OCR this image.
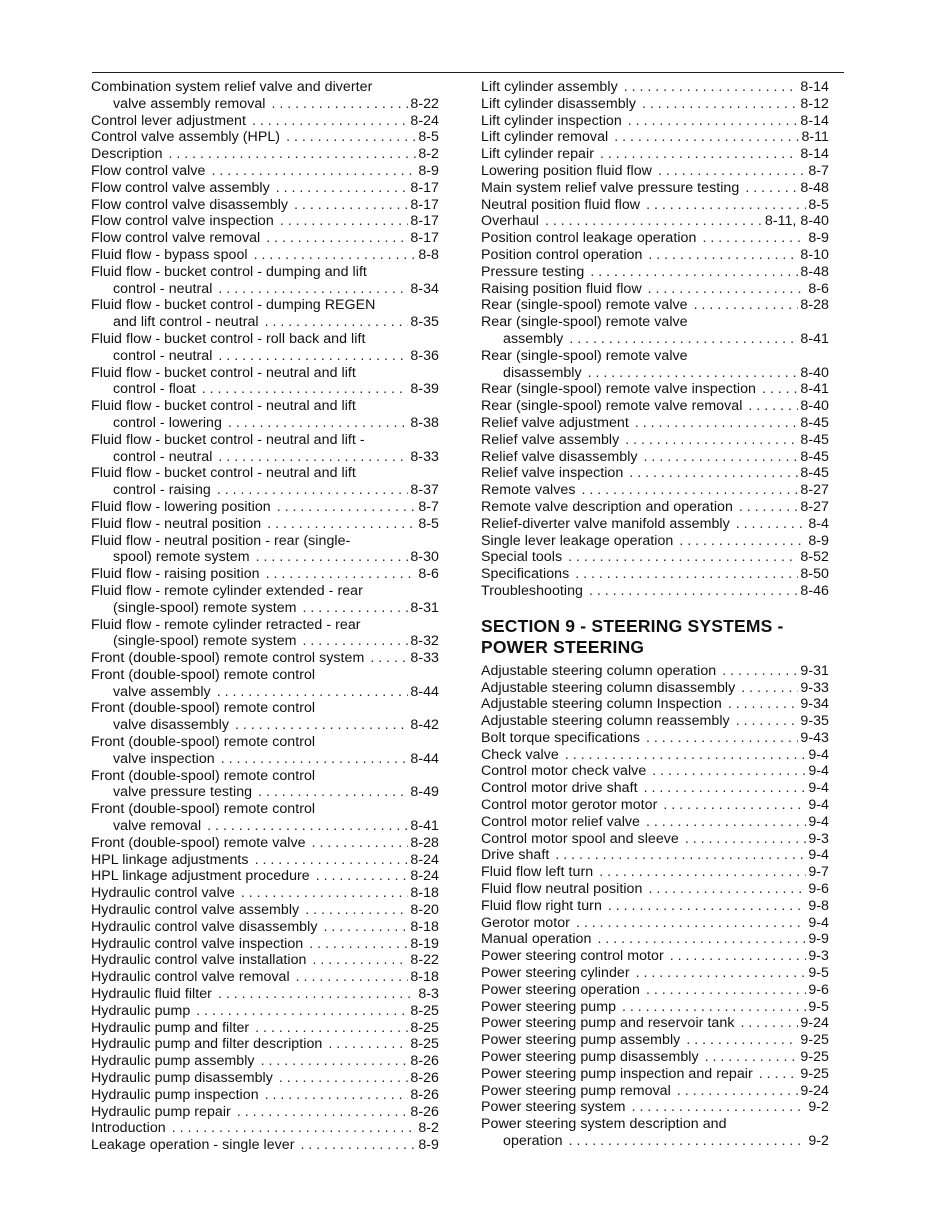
Combination system relief valve and diverter
valve assembly removal . . .	8-22
Control lever adjustment . . .	8-24
Control valve assembly (HPL) . . .	8-5
Description . . .	8-2
Flow control valve . . .	8-9
Flow control valve assembly . . .	8-17
Flow control valve disassembly . . .	8-17
Flow control valve inspection . . .	8-17
Flow control valve removal . . .	8-17
Fluid flow - bypass spool . . .	8-8
Fluid flow - bucket control - dumping and lift
control - neutral . . .	8-34
Fluid flow - bucket control - dumping REGEN
and lift control - neutral . . .	8-35
Fluid flow - bucket control - roll back and lift
control - neutral . . .	8-36
Fluid flow - bucket control - neutral and lift
control - float . . .	8-39
Fluid flow - bucket control - neutral and lift
control - lowering . . .	8-38
Fluid flow - bucket control - neutral and lift -
control - neutral . . .	8-33
Fluid flow - bucket control - neutral and lift
control - raising . . .	8-37
Fluid flow - lowering position . . .	8-7
Fluid flow - neutral position . . .	8-5
Fluid flow - neutral position - rear (single-
spool) remote system . . .	8-30
Fluid flow - raising position . . .	8-6
Fluid flow - remote cylinder extended - rear
(single-spool) remote system . . .	8-31
Fluid flow - remote cylinder retracted - rear
(single-spool) remote system . . .	8-32
Front (double-spool) remote control system . . .	8-33
Front (double-spool) remote control
valve assembly . . .	8-44
Front (double-spool) remote control
valve disassembly . . .	8-42
Front (double-spool) remote control
valve inspection . . .	8-44
Front (double-spool) remote control
valve pressure testing . . .	8-49
Front (double-spool) remote control
valve removal . . .	8-41
Front (double-spool) remote valve . . .	8-28
HPL linkage adjustments . . .	8-24
HPL linkage adjustment procedure . . .	8-24
Hydraulic control valve . . .	8-18
Hydraulic control valve assembly . . .	8-20
Hydraulic control valve disassembly . . .	8-18
Hydraulic control valve inspection . . .	8-19
Hydraulic control valve installation . . .	8-22
Hydraulic control valve removal . . .	8-18
Hydraulic fluid filter . . .	8-3
Hydraulic pump . . .	8-25
Hydraulic pump and filter . . .	8-25
Hydraulic pump and filter description . . .	8-25
Hydraulic pump assembly . . .	8-26
Hydraulic pump disassembly . . .	8-26
Hydraulic pump inspection . . .	8-26
Hydraulic pump repair . . .	8-26
Introduction . . .	8-2
Leakage operation - single lever . . .	8-9
Lift cylinder assembly . . .	8-14
Lift cylinder disassembly . . .	8-12
Lift cylinder inspection . . .	8-14
Lift cylinder removal . . .	8-11
Lift cylinder repair . . .	8-14
Lowering position fluid flow . . .	8-7
Main system relief valve pressure testing . . .	8-48
Neutral position fluid flow . . .	8-5
Overhaul . . .	8-11, 8-40
Position control leakage operation . . .	8-9
Position control operation . . .	8-10
Pressure testing . . .	8-48
Raising position fluid flow . . .	8-6
Rear (single-spool) remote valve . . .	8-28
Rear (single-spool) remote valve
assembly . . .	8-41
Rear (single-spool) remote valve
disassembly . . .	8-40
Rear (single-spool) remote valve inspection . . .	8-41
Rear (single-spool) remote valve removal . . .	8-40
Relief valve adjustment . . .	8-45
Relief valve assembly . . .	8-45
Relief valve disassembly . . .	8-45
Relief valve inspection . . .	8-45
Remote valves . . .	8-27
Remote valve description and operation . . .	8-27
Relief-diverter valve manifold assembly . . .	8-4
Single lever leakage operation . . .	8-9
Special tools . . .	8-52
Specifications . . .	8-50
Troubleshooting . . .	8-46
SECTION 9 - STEERING SYSTEMS -
POWER STEERING
Adjustable steering column operation . . .	9-31
Adjustable steering column disassembly . . .	9-33
Adjustable steering column Inspection . . .	9-34
Adjustable steering column reassembly . . .	9-35
Bolt torque specifications . . .	9-43
Check valve . . .	9-4
Control motor check valve . . .	9-4
Control motor drive shaft . . .	9-4
Control motor gerotor motor . . .	9-4
Control motor relief valve . . .	9-4
Control motor spool and sleeve . . .	9-3
Drive shaft . . .	9-4
Fluid flow left turn . . .	9-7
Fluid flow neutral position . . .	9-6
Fluid flow right turn . . .	9-8
Gerotor motor . . .	9-4
Manual operation . . .	9-9
Power steering control motor . . .	9-3
Power steering cylinder . . .	9-5
Power steering operation . . .	9-6
Power steering pump . . .	9-5
Power steering pump and reservoir tank . . .	9-24
Power steering pump assembly . . .	9-25
Power steering pump disassembly . . .	9-25
Power steering pump inspection and repair . . .	9-25
Power steering pump removal . . .	9-24
Power steering system . . .	9-2
Power steering system description and
operation . . .	9-2
